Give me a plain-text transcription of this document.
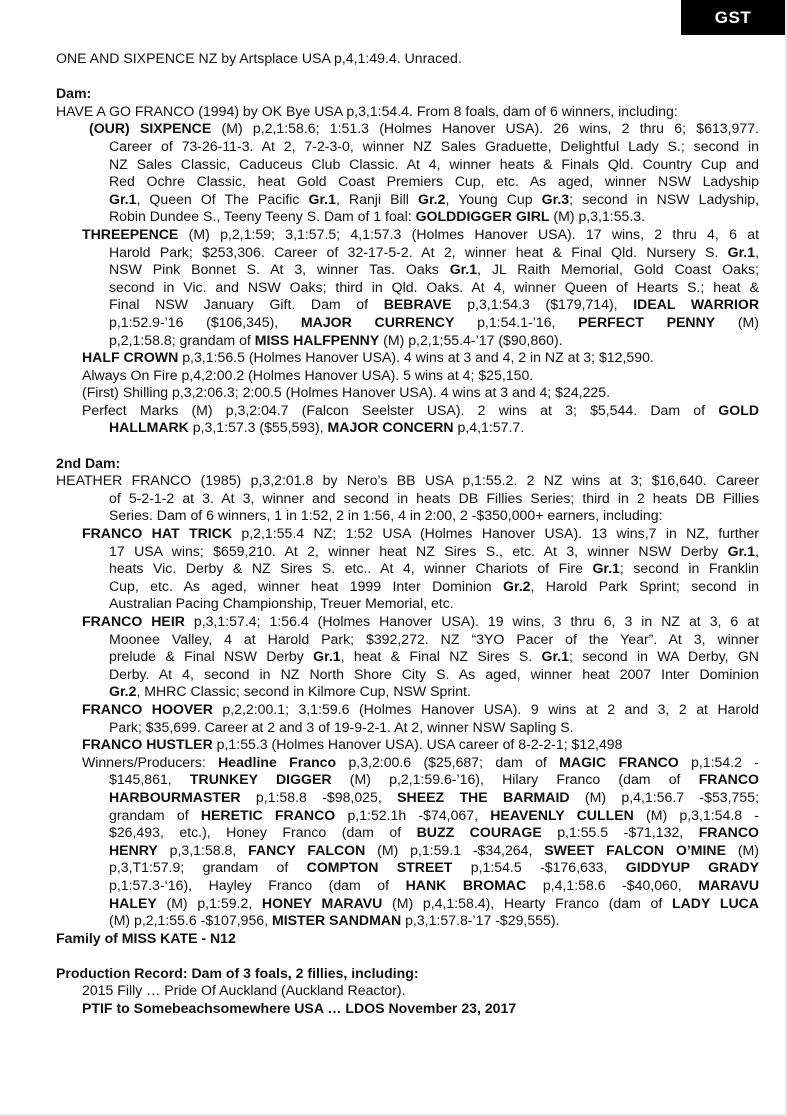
GST
ONE AND SIXPENCE NZ by Artsplace USA p,4,1:49.4. Unraced.
Dam:
HAVE A GO FRANCO (1994) by OK Bye USA p,3,1:54.4. From 8 foals, dam of 6 winners, including:
(OUR) SIXPENCE (M) p,2,1:58.6; 1:51.3 (Holmes Hanover USA). 26 wins, 2 thru 6; $613,977.
Career of 73-26-11-3. At 2, 7-2-3-0, winner NZ Sales Graduette, Delightful Lady S.; second in
NZ Sales Classic, Caduceus Club Classic. At 4, winner heats & Finals Qld. Country Cup and
Red Ochre Classic, heat Gold Coast Premiers Cup, etc. As aged, winner NSW Ladyship
Gr.1, Queen Of The Pacific Gr.1, Ranji Bill Gr.2, Young Cup Gr.3; second in NSW Ladyship,
Robin Dundee S., Teeny Teeny S. Dam of 1 foal: GOLDDIGGER GIRL (M) p,3,1:55.3.
THREEPENCE (M) p,2,1:59; 3,1:57.5; 4,1:57.3 (Holmes Hanover USA). 17 wins, 2 thru 4, 6 at
Harold Park; $253,306. Career of 32-17-5-2. At 2, winner heat & Final Qld. Nursery S. Gr.1,
NSW Pink Bonnet S. At 3, winner Tas. Oaks Gr.1, JL Raith Memorial, Gold Coast Oaks;
second in Vic. and NSW Oaks; third in Qld. Oaks. At 4, winner Queen of Hearts S.; heat &
Final NSW January Gift. Dam of BEBRAVE p,3,1:54.3 ($179,714), IDEAL WARRIOR
p,1:52.9-’16 ($106,345), MAJOR CURRENCY p,1:54.1-’16, PERFECT PENNY (M)
p,2,1:58.8; grandam of MISS HALFPENNY (M) p,2,1;55.4-’17 ($90,860).
HALF CROWN p,3,1:56.5 (Holmes Hanover USA). 4 wins at 3 and 4, 2 in NZ at 3; $12,590.
Always On Fire p,4,2:00.2 (Holmes Hanover USA). 5 wins at 4; $25,150.
(First) Shilling p,3,2:06.3; 2:00.5 (Holmes Hanover USA). 4 wins at 3 and 4; $24,225.
Perfect Marks (M) p,3,2:04.7 (Falcon Seelster USA). 2 wins at 3; $5,544. Dam of GOLD
HALLMARK p,3,1:57.3 ($55,593), MAJOR CONCERN p,4,1:57.7.
2nd Dam:
HEATHER FRANCO (1985) p,3,2:01.8 by Nero’s BB USA p,1:55.2. 2 NZ wins at 3; $16,640. Career
of 5-2-1-2 at 3. At 3, winner and second in heats DB Fillies Series; third in 2 heats DB Fillies
Series. Dam of 6 winners, 1 in 1:52, 2 in 1:56, 4 in 2:00, 2 -$350,000+ earners, including:
FRANCO HAT TRICK p,2,1:55.4 NZ; 1:52 USA (Holmes Hanover USA). 13 wins,7 in NZ, further
17 USA wins; $659,210. At 2, winner heat NZ Sires S., etc. At 3, winner NSW Derby Gr.1,
heats Vic. Derby & NZ Sires S. etc.. At 4, winner Chariots of Fire Gr.1; second in Franklin
Cup, etc. As aged, winner heat 1999 Inter Dominion Gr.2, Harold Park Sprint; second in
Australian Pacing Championship, Treuer Memorial, etc.
FRANCO HEIR p,3,1:57.4; 1:56.4 (Holmes Hanover USA). 19 wins, 3 thru 6, 3 in NZ at 3, 6 at
Moonee Valley, 4 at Harold Park; $392,272. NZ “3YO Pacer of the Year”. At 3, winner
prelude & Final NSW Derby Gr.1, heat & Final NZ Sires S. Gr.1; second in WA Derby, GN
Derby. At 4, second in NZ North Shore City S. As aged, winner heat 2007 Inter Dominion
Gr.2, MHRC Classic; second in Kilmore Cup, NSW Sprint.
FRANCO HOOVER p,2,2:00.1; 3,1:59.6 (Holmes Hanover USA). 9 wins at 2 and 3, 2 at Harold
Park; $35,699. Career at 2 and 3 of 19-9-2-1. At 2, winner NSW Sapling S.
FRANCO HUSTLER p,1:55.3 (Holmes Hanover USA). USA career of 8-2-2-1; $12,498
Winners/Producers: Headline Franco p,3,2:00.6 ($25,687; dam of MAGIC FRANCO p,1:54.2 -
$145,861, TRUNKEY DIGGER (M) p,2,1:59.6-’16), Hilary Franco (dam of FRANCO
HARBOURMASTER p,1:58.8 -$98,025, SHEEZ THE BARMAID (M) p,4,1:56.7 -$53,755;
grandam of HERETIC FRANCO p,1:52.1h -$74,067, HEAVENLY CULLEN (M) p,3,1:54.8 -
$26,493, etc.), Honey Franco (dam of BUZZ COURAGE p,1:55.5 -$71,132, FRANCO
HENRY p,3,1:58.8, FANCY FALCON (M) p,1:59.1 -$34,264, SWEET FALCON O’MINE (M)
p,3,T1:57.9; grandam of COMPTON STREET p,1:54.5 -$176,633, GIDDYUP GRADY
p,1:57.3-‘16), Hayley Franco (dam of HANK BROMAC p,4,1:58.6 -$40,060, MARAVU
HALEY (M) p,1:59.2, HONEY MARAVU (M) p,4,1:58.4), Hearty Franco (dam of LADY LUCA
(M) p,2,1:55.6 -$107,956, MISTER SANDMAN p,3,1:57.8-’17 -$29,555).
Family of MISS KATE - N12
Production Record: Dam of 3 foals, 2 fillies, including:
2015 Filly … Pride Of Auckland (Auckland Reactor).
PTIF to Somebeachsomewhere USA … LDOS November 23, 2017
